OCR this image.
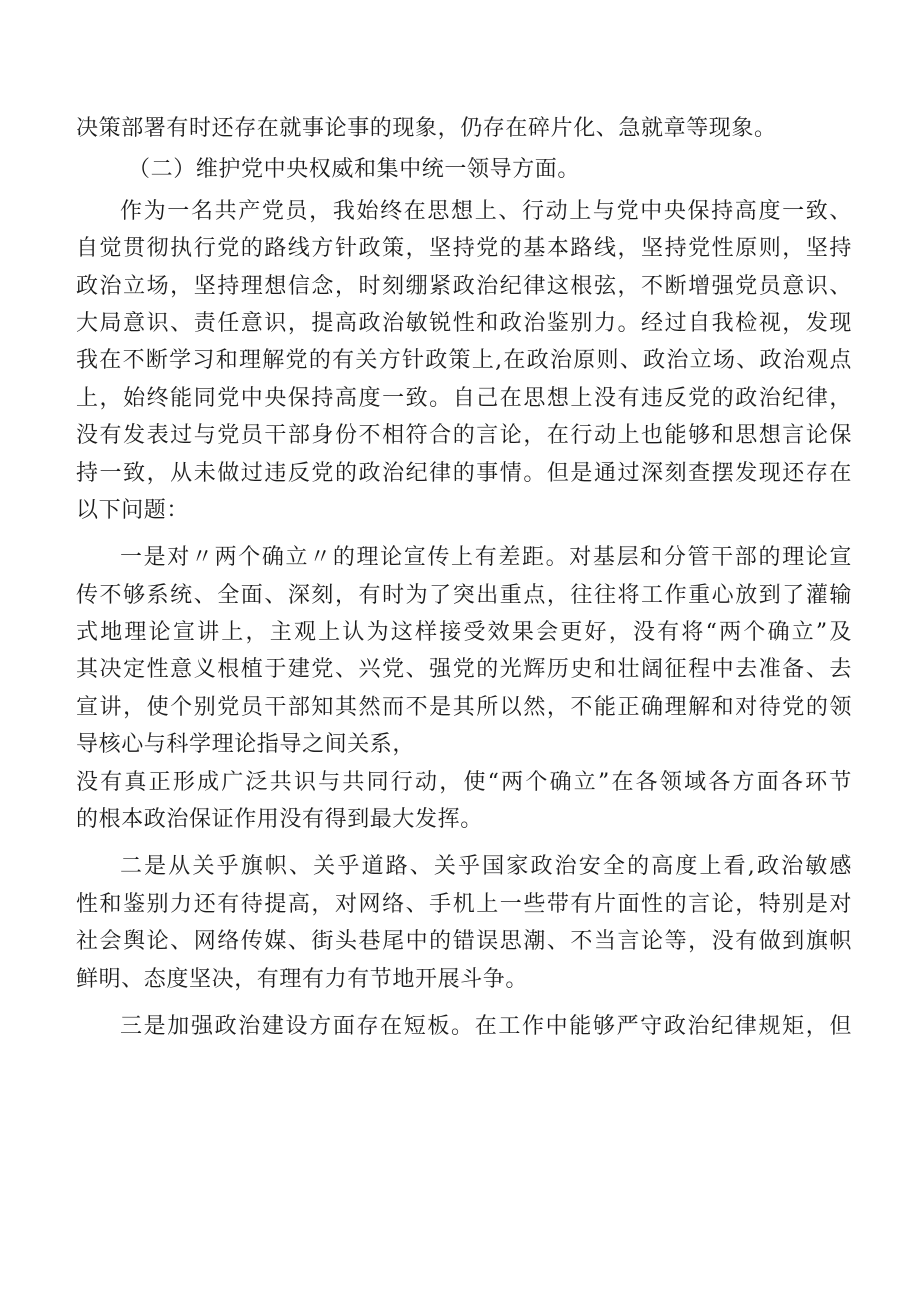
决策部署有时还存在就事论事的现象，仍存在碎片化、急就章等现象。
（二）维护党中央权威和集中统一领导方面。
作为一名共产党员，我始终在思想上、行动上与党中央保持高度一致、
自觉贯彻执行党的路线方针政策，坚持党的基本路线，坚持党性原则，坚持
政治立场，坚持理想信念，时刻绷紧政治纪律这根弦，不断增强党员意识、
大局意识、责任意识，提高政治敏锐性和政治鉴别力。经过自我检视，发现
我在不断学习和理解党的有关方针政策上,在政治原则、政治立场、政治观点
上，始终能同党中央保持高度一致。自己在思想上没有违反党的政治纪律，
没有发表过与党员干部身份不相符合的言论，在行动上也能够和思想言论保
持一致，从未做过违反党的政治纪律的事情。但是通过深刻查摆发现还存在
以下问题：
一是对〃两个确立〃的理论宣传上有差距。对基层和分管干部的理论宣
传不够系统、全面、深刻，有时为了突出重点，往往将工作重心放到了灌输
式地理论宣讲上，主观上认为这样接受效果会更好，没有将“两个确立”及
其决定性意义根植于建党、兴党、强党的光辉历史和壮阔征程中去准备、去
宣讲，使个别党员干部知其然而不是其所以然，不能正确理解和对待党的领
导核心与科学理论指导之间关系，
没有真正形成广泛共识与共同行动，使“两个确立”在各领域各方面各环节
的根本政治保证作用没有得到最大发挥。
二是从关乎旗帜、关乎道路、关乎国家政治安全的高度上看,政治敏感
性和鉴别力还有待提高，对网络、手机上一些带有片面性的言论，特别是对
社会舆论、网络传媒、街头巷尾中的错误思潮、不当言论等，没有做到旗帜
鲜明、态度坚决，有理有力有节地开展斗争。
三是加强政治建设方面存在短板。在工作中能够严守政治纪律规矩，但
